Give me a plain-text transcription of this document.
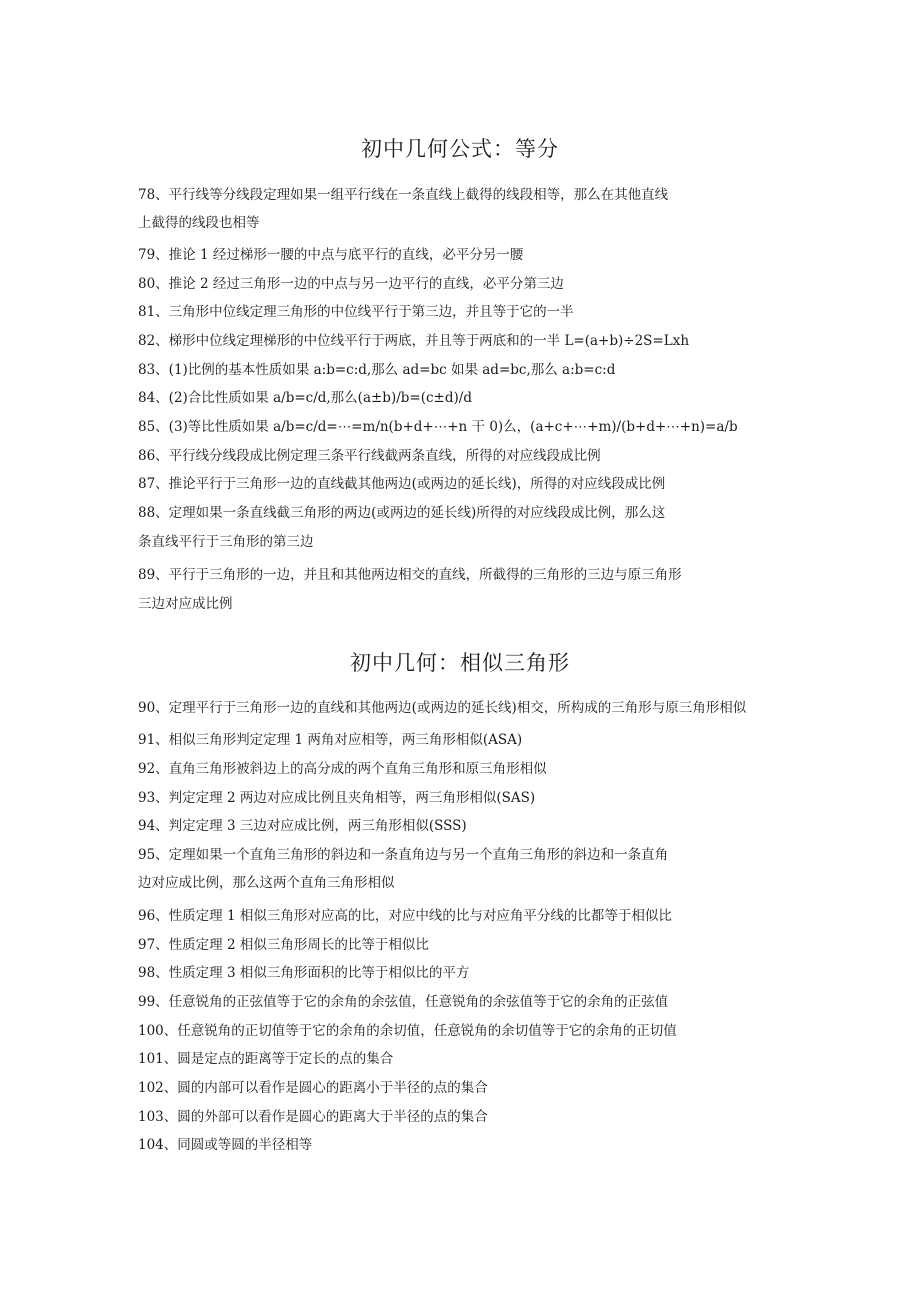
初中几何公式：等分
78、平行线等分线段定理如果一组平行线在一条直线上截得的线段相等，那么在其他直线
上截得的线段也相等
79、推论 1 经过梯形一腰的中点与底平行的直线，必平分另一腰
80、推论 2 经过三角形一边的中点与另一边平行的直线，必平分第三边
81、三角形中位线定理三角形的中位线平行于第三边，并且等于它的一半
82、梯形中位线定理梯形的中位线平行于两底，并且等于两底和的一半 L=(a+b)÷2S=Lxh
83、(1)比例的基本性质如果 a:b=c:d,那么 ad=bc 如果 ad=bc,那么 a:b=c:d
84、(2)合比性质如果 a/b=c/d,那么(a±b)/b=(c±d)/d
85、(3)等比性质如果 a/b=c/d=⋯=m/n(b+d+⋯+n 干 0)么，(a+c+⋯+m)/(b+d+⋯+n)=a/b
86、平行线分线段成比例定理三条平行线截两条直线，所得的对应线段成比例
87、推论平行于三角形一边的直线截其他两边(或两边的延长线)，所得的对应线段成比例
88、定理如果一条直线截三角形的两边(或两边的延长线)所得的对应线段成比例，那么这
条直线平行于三角形的第三边
89、平行于三角形的一边，并且和其他两边相交的直线，所截得的三角形的三边与原三角形
三边对应成比例
初中几何：相似三角形
90、定理平行于三角形一边的直线和其他两边(或两边的延长线)相交，所构成的三角形与原三角形相似
91、相似三角形判定定理 1 两角对应相等，两三角形相似(ASA)
92、直角三角形被斜边上的高分成的两个直角三角形和原三角形相似
93、判定定理 2 两边对应成比例且夹角相等，两三角形相似(SAS)
94、判定定理 3 三边对应成比例，两三角形相似(SSS)
95、定理如果一个直角三角形的斜边和一条直角边与另一个直角三角形的斜边和一条直角
边对应成比例，那么这两个直角三角形相似
96、性质定理 1 相似三角形对应高的比，对应中线的比与对应角平分线的比都等于相似比
97、性质定理 2 相似三角形周长的比等于相似比
98、性质定理 3 相似三角形面积的比等于相似比的平方
99、任意锐角的正弦值等于它的余角的余弦值，任意锐角的余弦值等于它的余角的正弦值
100、任意锐角的正切值等于它的余角的余切值，任意锐角的余切值等于它的余角的正切值
101、圆是定点的距离等于定长的点的集合
102、圆的内部可以看作是圆心的距离小于半径的点的集合
103、圆的外部可以看作是圆心的距离大于半径的点的集合
104、同圆或等圆的半径相等
